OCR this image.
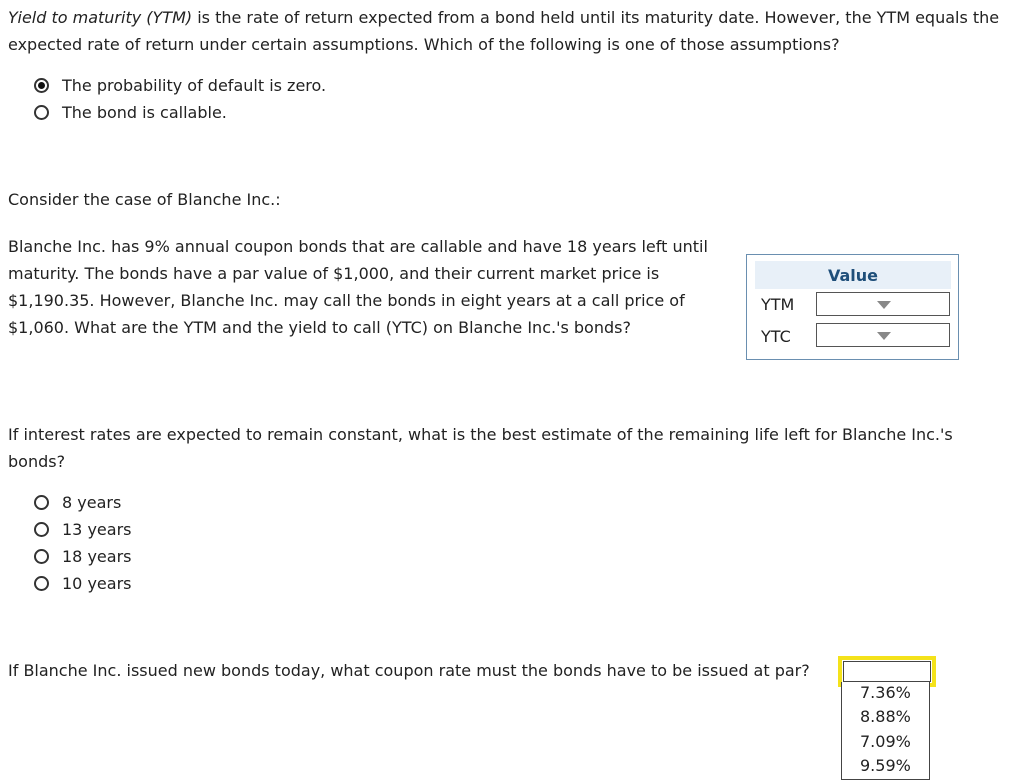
Yield to maturity (YTM) is the rate of return expected from a bond held until its maturity date. However, the YTM equals the expected rate of return under certain assumptions. Which of the following is one of those assumptions?

The probability of default is zero.
The bond is callable.

Consider the case of Blanche Inc.:

Blanche Inc. has 9% annual coupon bonds that are callable and have 18 years left until maturity. The bonds have a par value of $1,000, and their current market price is $1,190.35. However, Blanche Inc. may call the bonds in eight years at a call price of $1,060. What are the YTM and the yield to call (YTC) on Blanche Inc.'s bonds?

Value
YTM
YTC

If interest rates are expected to remain constant, what is the best estimate of the remaining life left for Blanche Inc.'s bonds?

8 years
13 years
18 years
10 years

If Blanche Inc. issued new bonds today, what coupon rate must the bonds have to be issued at par?

7.36%
8.88%
7.09%
9.59%
